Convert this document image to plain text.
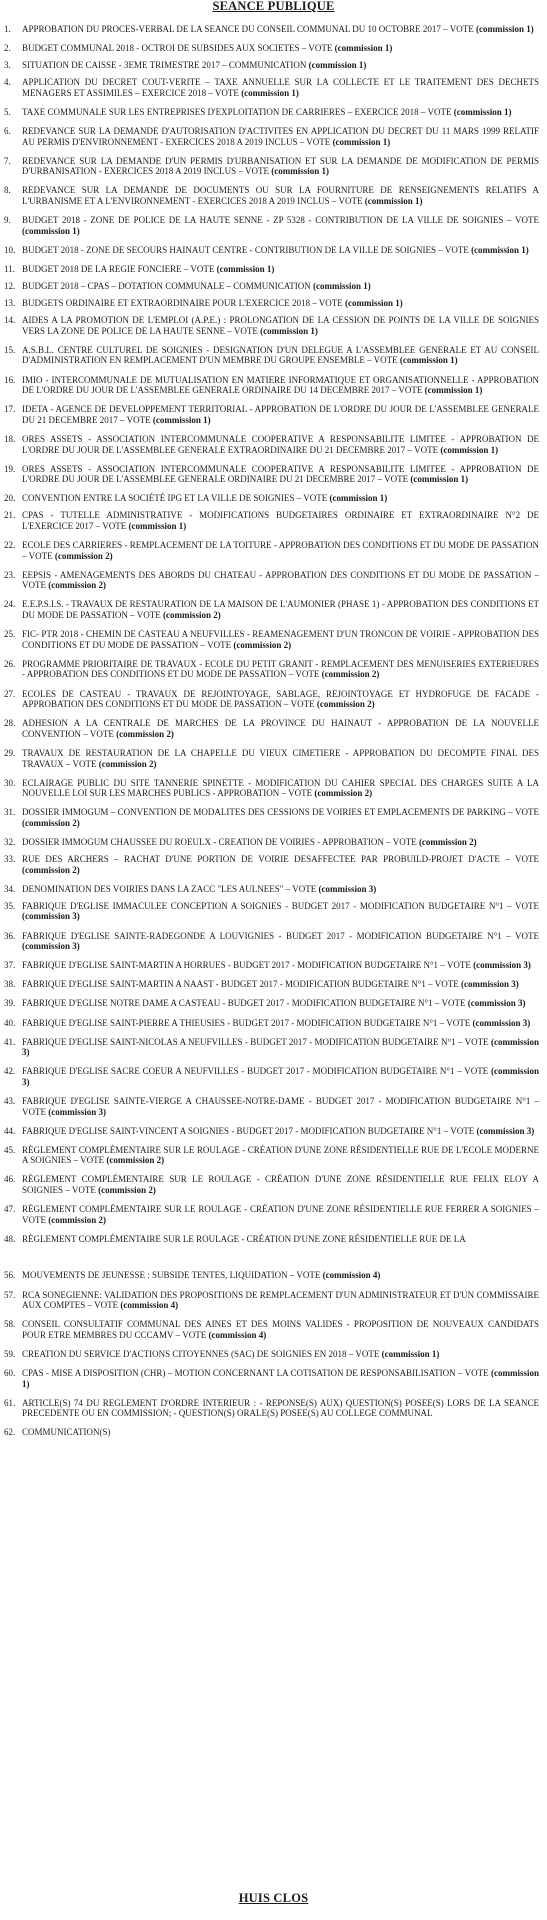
SEANCE PUBLIQUE
1. APPROBATION DU PROCES-VERBAL DE LA SEANCE DU CONSEIL COMMUNAL DU 10 OCTOBRE 2017 – VOTE (commission 1)
2. BUDGET COMMUNAL 2018 - OCTROI DE SUBSIDES AUX SOCIETES – VOTE (commission 1)
3. SITUATION DE CAISSE - 3EME TRIMESTRE 2017 – COMMUNICATION (commission 1)
4. APPLICATION DU DECRET COUT-VERITE – TAXE ANNUELLE SUR LA COLLECTE ET LE TRAITEMENT DES DECHETS MENAGERS ET ASSIMILES – EXERCICE 2018 – VOTE (commission 1)
5. TAXE COMMUNALE SUR LES ENTREPRISES D'EXPLOITATION DE CARRIERES – EXERCICE 2018 – VOTE (commission 1)
6. REDEVANCE SUR LA DEMANDE D'AUTORISATION D'ACTIVITES EN APPLICATION DU DECRET DU 11 MARS 1999 RELATIF AU PERMIS D'ENVIRONNEMENT - EXERCICES 2018 A 2019 INCLUS – VOTE (commission 1)
7. REDEVANCE SUR LA DEMANDE D'UN PERMIS D'URBANISATION ET SUR LA DEMANDE DE MODIFICATION DE PERMIS D'URBANISATION - EXERCICES 2018 A 2019 INCLUS – VOTE (commission 1)
8. REDEVANCE SUR LA DEMANDE DE DOCUMENTS OU SUR LA FOURNITURE DE RENSEIGNEMENTS RELATIFS A L'URBANISME ET A L'ENVIRONNEMENT - EXERCICES 2018 A 2019 INCLUS – VOTE (commission 1)
9. BUDGET 2018 - ZONE DE POLICE DE LA HAUTE SENNE - ZP 5328 - CONTRIBUTION DE LA VILLE DE SOIGNIES – VOTE (commission 1)
10. BUDGET 2018 - ZONE DE SECOURS HAINAUT CENTRE - CONTRIBUTION DE LA VILLE DE SOIGNIES – VOTE (commission 1)
11. BUDGET 2018 DE LA REGIE FONCIERE – VOTE (commission 1)
12. BUDGET 2018 – CPAS – DOTATION COMMUNALE – COMMUNICATION (commission 1)
13. BUDGETS ORDINAIRE ET EXTRAORDINAIRE POUR L'EXERCICE 2018 – VOTE (commission 1)
14. AIDES A LA PROMOTION DE L'EMPLOI (A.P.E.) : PROLONGATION DE LA CESSION DE POINTS DE LA VILLE DE SOIGNIES VERS LA ZONE DE POLICE DE LA HAUTE SENNE – VOTE (commission 1)
15. A.S.B.L. CENTRE CULTUREL DE SOIGNIES - DESIGNATION D'UN DELEGUE A L'ASSEMBLEE GENERALE ET AU CONSEIL D'ADMINISTRATION EN REMPLACEMENT D'UN MEMBRE DU GROUPE ENSEMBLE – VOTE (commission 1)
16. IMIO - INTERCOMMUNALE DE MUTUALISATION EN MATIERE INFORMATIQUE ET ORGANISATIONNELLE - APPROBATION DE L'ORDRE DU JOUR DE L'ASSEMBLEE GENERALE ORDINAIRE DU 14 DECEMBRE 2017 – VOTE (commission 1)
17. IDETA - AGENCE DE DEVELOPPEMENT TERRITORIAL - APPROBATION DE L'ORDRE DU JOUR DE L'ASSEMBLEE GENERALE DU 21 DECEMBRE 2017 – VOTE (commission 1)
18. ORES ASSETS - ASSOCIATION INTERCOMMUNALE COOPERATIVE A RESPONSABILITE LIMITEE - APPROBATION DE L'ORDRE DU JOUR DE L'ASSEMBLEE GENERALE EXTRAORDINAIRE DU 21 DECEMBRE 2017 – VOTE (commission 1)
19. ORES ASSETS - ASSOCIATION INTERCOMMUNALE COOPERATIVE A RESPONSABILITE LIMITEE - APPROBATION DE L'ORDRE DU JOUR DE L'ASSEMBLEE GENERALE ORDINAIRE DU 21 DECEMBRE 2017 – VOTE (commission 1)
20. CONVENTION ENTRE LA SOCIÉTÉ IPG ET LA VILLE DE SOIGNIES – VOTE (commission 1)
21. CPAS - TUTELLE ADMINISTRATIVE - MODIFICATIONS BUDGETAIRES ORDINAIRE ET EXTRAORDINAIRE N°2 DE L'EXERCICE 2017 – VOTE (commission 1)
22. ECOLE DES CARRIERES - REMPLACEMENT DE LA TOITURE - APPROBATION DES CONDITIONS ET DU MODE DE PASSATION – VOTE (commission 2)
23. EEPSIS - AMENAGEMENTS DES ABORDS DU CHATEAU - APPROBATION DES CONDITIONS ET DU MODE DE PASSATION – VOTE (commission 2)
24. E.E.P.S.I.S. - TRAVAUX DE RESTAURATION DE LA MAISON DE L'AUMONIER (PHASE 1) - APPROBATION DES CONDITIONS ET DU MODE DE PASSATION – VOTE (commission 2)
25. FIC- PTR 2018 - CHEMIN DE CASTEAU A NEUFVILLES - REAMENAGEMENT D'UN TRONCON DE VOIRIE - APPROBATION DES CONDITIONS ET DU MODE DE PASSATION – VOTE (commission 2)
26. PROGRAMME PRIORITAIRE DE TRAVAUX - ECOLE DU PETIT GRANIT - REMPLACEMENT DES MENUISERIES EXTERIEURES - APPROBATION DES CONDITIONS ET DU MODE DE PASSATION – VOTE (commission 2)
27. ECOLES DE CASTEAU - TRAVAUX DE REJOINTOYAGE, SABLAGE, REJOINTOYAGE ET HYDROFUGE DE FACADE - APPROBATION DES CONDITIONS ET DU MODE DE PASSATION – VOTE (commission 2)
28. ADHESION A LA CENTRALE DE MARCHES DE LA PROVINCE DU HAINAUT - APPROBATION DE LA NOUVELLE CONVENTION – VOTE (commission 2)
29. TRAVAUX DE RESTAURATION DE LA CHAPELLE DU VIEUX CIMETIERE - APPROBATION DU DECOMPTE FINAL DES TRAVAUX – VOTE (commission 2)
30. ECLAIRAGE PUBLIC DU SITE TANNERIE SPINETTE - MODIFICATION DU CAHIER SPECIAL DES CHARGES SUITE A LA NOUVELLE LOI SUR LES MARCHES PUBLICS - APPROBATION – VOTE (commission 2)
31. DOSSIER IMMOGUM – CONVENTION DE MODALITES DES CESSIONS DE VOIRIES ET EMPLACEMENTS DE PARKING – VOTE (commission 2)
32. DOSSIER IMMOGUM CHAUSSEE DU ROEULX - CREATION DE VOIRIES - APPROBATION – VOTE (commission 2)
33. RUE DES ARCHERS – RACHAT D'UNE PORTION DE VOIRIE DESAFFECTEE PAR PROBUILD-PROJET D'ACTE – VOTE (commission 2)
34. DENOMINATION DES VOIRIES DANS LA ZACC "LES AULNEES" – VOTE (commission 3)
35. FABRIQUE D'EGLISE IMMACULEE CONCEPTION A SOIGNIES - BUDGET 2017 - MODIFICATION BUDGETAIRE N°1 – VOTE (commission 3)
36. FABRIQUE D'EGLISE SAINTE-RADEGONDE A LOUVIGNIES - BUDGET 2017 - MODIFICATION BUDGETAIRE N°1 – VOTE (commission 3)
37. FABRIQUE D'EGLISE SAINT-MARTIN A HORRUES - BUDGET 2017 - MODIFICATION BUDGETAIRE N°1 – VOTE (commission 3)
38. FABRIQUE D'EGLISE SAINT-MARTIN A NAAST - BUDGET 2017 - MODIFICATION BUDGETAIRE N°1 – VOTE (commission 3)
39. FABRIQUE D'EGLISE NOTRE DAME A CASTEAU - BUDGET 2017 - MODIFICATION BUDGETAIRE N°1 – VOTE (commission 3)
40. FABRIQUE D'EGLISE SAINT-PIERRE A THIEUSIES - BUDGET 2017 - MODIFICATION BUDGETAIRE N°1 – VOTE (commission 3)
41. FABRIQUE D'EGLISE SAINT-NICOLAS A NEUFVILLES - BUDGET 2017 - MODIFICATION BUDGETAIRE N°1 – VOTE (commission 3)
42. FABRIQUE D'EGLISE SACRE COEUR A NEUFVILLES - BUDGET 2017 - MODIFICATION BUDGETAIRE N°1 – VOTE (commission 3)
43. FABRIQUE D'EGLISE SAINTE-VIERGE A CHAUSSEE-NOTRE-DAME - BUDGET 2017 - MODIFICATION BUDGETAIRE N°1 – VOTE (commission 3)
44. FABRIQUE D'EGLISE SAINT-VINCENT A SOIGNIES - BUDGET 2017 - MODIFICATION BUDGETAIRE N°1 – VOTE (commission 3)
45. RÈGLEMENT COMPLÉMENTAIRE SUR LE ROULAGE - CRÉATION D'UNE ZONE RÉSIDENTIELLE RUE DE L'ECOLE MODERNE A SOIGNIES – VOTE (commission 2)
46. RÈGLEMENT COMPLÉMENTAIRE SUR LE ROULAGE - CRÉATION D'UNE ZONE RÉSIDENTIELLE RUE FELIX ELOY A SOIGNIES – VOTE (commission 2)
47. RÈGLEMENT COMPLÉMENTAIRE SUR LE ROULAGE - CRÉATION D'UNE ZONE RÉSIDENTIELLE RUE FERRER A SOIGNIES – VOTE (commission 2)
48. RÈGLEMENT COMPLÉMENTAIRE SUR LE ROULAGE - CRÉATION D'UNE ZONE RÉSIDENTIELLE RUE DE LA
56. MOUVEMENTS DE JEUNESSE : SUBSIDE TENTES, LIQUIDATION – VOTE (commission 4)
57. RCA SONEGIENNE: VALIDATION DES PROPOSITIONS DE REMPLACEMENT D'UN ADMINISTRATEUR ET D'UN COMMISSAIRE AUX COMPTES – VOTE (commission 4)
58. CONSEIL CONSULTATIF COMMUNAL DES AINES ET DES MOINS VALIDES - PROPOSITION DE NOUVEAUX CANDIDATS POUR ETRE MEMBRES DU CCCAMV – VOTE (commission 4)
59. CREATION DU SERVICE D'ACTIONS CITOYENNES (SAC) DE SOIGNIES EN 2018 – VOTE (commission 1)
60. CPAS - MISE A DISPOSITION (CHR) – MOTION CONCERNANT LA COTISATION DE RESPONSABILISATION – VOTE (commission 1)
61. ARTICLE(S) 74 DU REGLEMENT D'ORDRE INTERIEUR : - REPONSE(S) AUX) QUESTION(S) POSEE(S) LORS DE LA SEANCE PRECEDENTE OU EN COMMISSION; - QUESTION(S) ORALE(S) POSEE(S) AU COLLEGE COMMUNAL
62. COMMUNICATION(S)
HUIS CLOS
